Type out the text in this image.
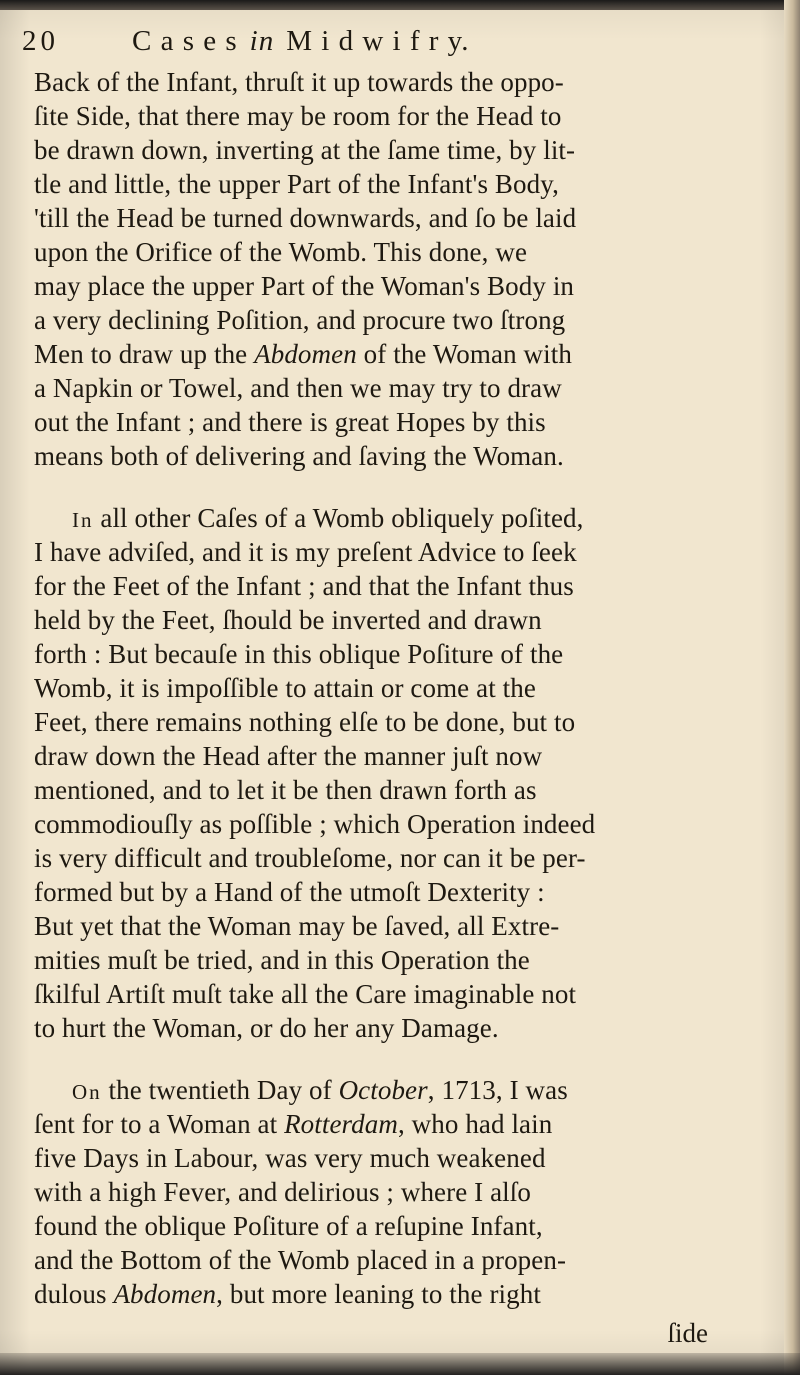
20	C a s e s in M i d w i f r y.
Back of the Infant, thruſt it up towards the oppo-
ſite Side, that there may be room for the Head to
be drawn down, inverting at the ſame time, by lit-
tle and little, the upper Part of the Infant's Body,
'till the Head be turned downwards, and ſo be laid
upon the Orifice of the Womb. This done, we
may place the upper Part of the Woman's Body in
a very declining Poſition, and procure two ſtrong
Men to draw up the Abdomen of the Woman with
a Napkin or Towel, and then we may try to draw
out the Infant ; and there is great Hopes by this
means both of delivering and ſaving the Woman.
In all other Caſes of a Womb obliquely poſited,
I have adviſed, and it is my preſent Advice to ſeek
for the Feet of the Infant ; and that the Infant thus
held by the Feet, ſhould be inverted and drawn
forth : But becauſe in this oblique Poſiture of the
Womb, it is impoſſible to attain or come at the
Feet, there remains nothing elſe to be done, but to
draw down the Head after the manner juſt now
mentioned, and to let it be then drawn forth as
commodiouſly as poſſible ; which Operation indeed
is very difficult and troubleſome, nor can it be per-
formed but by a Hand of the utmoſt Dexterity :
But yet that the Woman may be ſaved, all Extre-
mities muſt be tried, and in this Operation the
ſkilful Artiſt muſt take all the Care imaginable not
to hurt the Woman, or do her any Damage.
On the twentieth Day of October, 1713, I was
ſent for to a Woman at Rotterdam, who had lain
five Days in Labour, was very much weakened
with a high Fever, and delirious ; where I alſo
found the oblique Poſiture of a reſupine Infant,
and the Bottom of the Womb placed in a propen-
dulous Abdomen, but more leaning to the right
ſide
